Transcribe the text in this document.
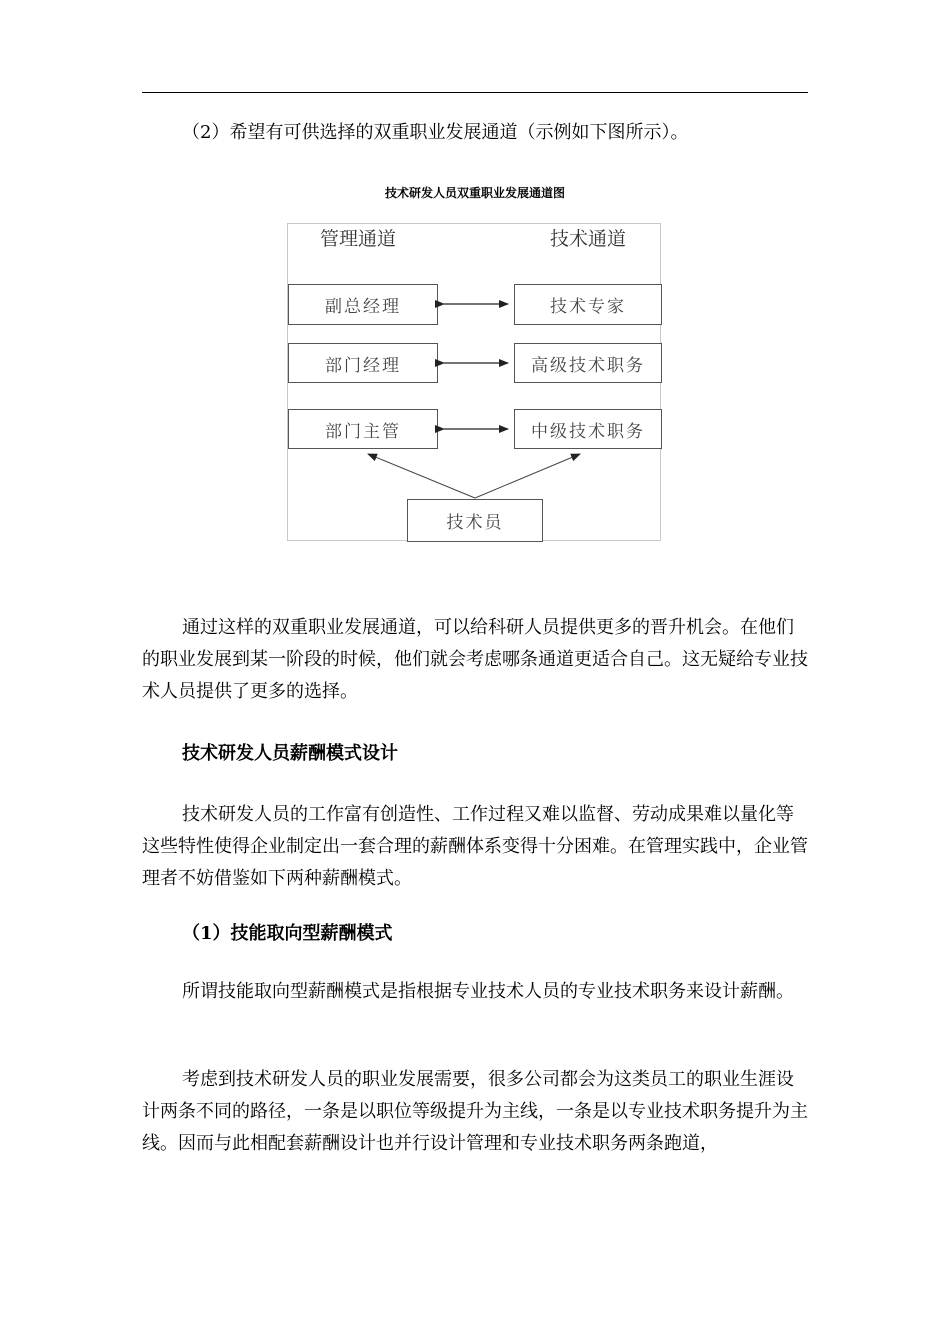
（2）希望有可供选择的双重职业发展通道（示例如下图所示）。

技术研发人员双重职业发展通道图
管理通道	技术通道
副总经理
部门经理
部门主管
技术专家
高级技术职务
中级技术职务
技术员

通过这样的双重职业发展通道，可以给科研人员提供更多的晋升机会。在他们的职业发展到某一阶段的时候，他们就会考虑哪条通道更适合自己。这无疑给专业技术人员提供了更多的选择。

技术研发人员薪酬模式设计

技术研发人员的工作富有创造性、工作过程又难以监督、劳动成果难以量化等这些特性使得企业制定出一套合理的薪酬体系变得十分困难。在管理实践中，企业管理者不妨借鉴如下两种薪酬模式。

（1）技能取向型薪酬模式

所谓技能取向型薪酬模式是指根据专业技术人员的专业技术职务来设计薪酬。

考虑到技术研发人员的职业发展需要，很多公司都会为这类员工的职业生涯设计两条不同的路径，一条是以职位等级提升为主线，一条是以专业技术职务提升为主线。因而与此相配套薪酬设计也并行设计管理和专业技术职务两条跑道，
